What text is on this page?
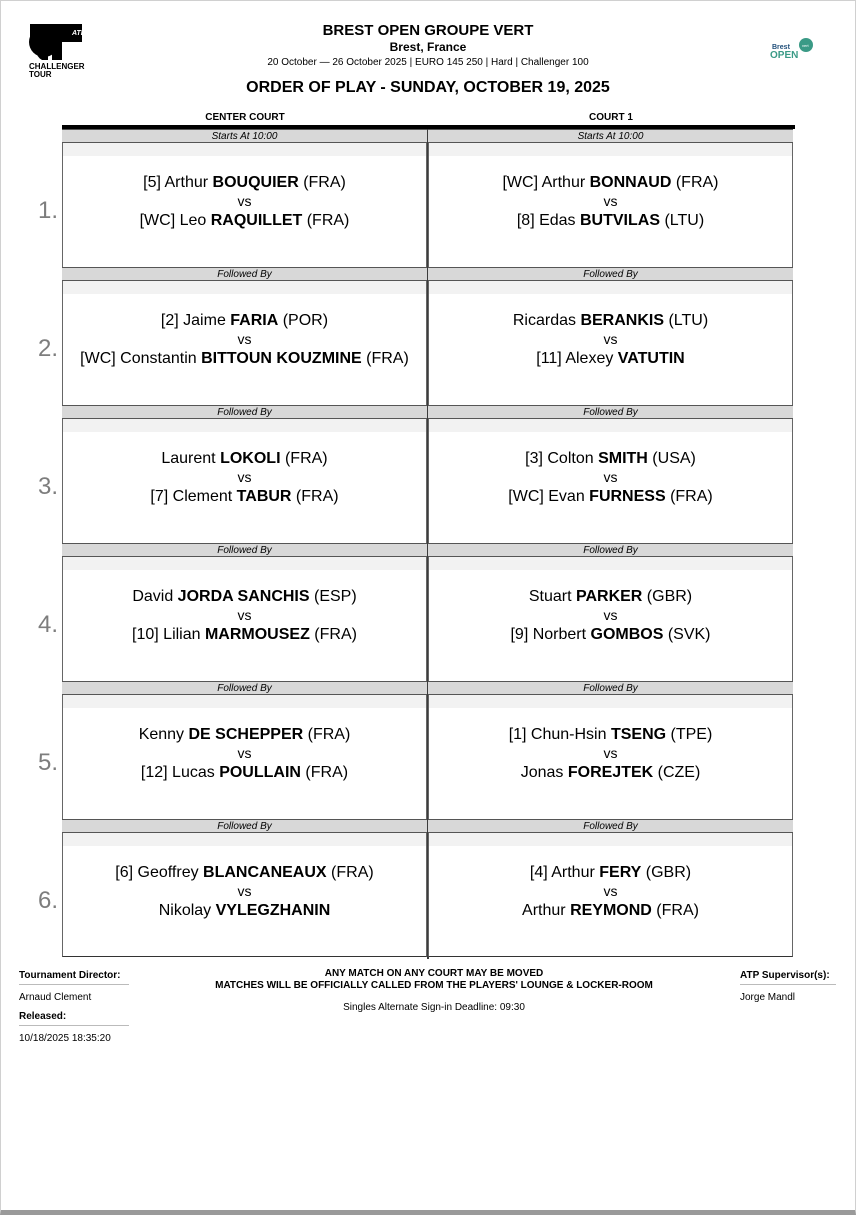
ATP
CHALLENGER
TOUR
Brest	vert
OPEN
BREST OPEN GROUPE VERT
Brest, France
20 October — 26 October 2025 | EURO 145 250 | Hard | Challenger 100
ORDER OF PLAY - SUNDAY, OCTOBER 19, 2025
CENTER COURT	COURT 1
Starts At 10:00
[5] Arthur BOUQUIER (FRA)
vs
[WC] Leo RAQUILLET (FRA)
Followed By
[2] Jaime FARIA (POR)
vs
[WC] Constantin BITTOUN KOUZMINE (FRA)
Followed By
Laurent LOKOLI (FRA)
vs
[7] Clement TABUR (FRA)
Followed By
David JORDA SANCHIS (ESP)
vs
[10] Lilian MARMOUSEZ (FRA)
Followed By
Kenny DE SCHEPPER (FRA)
vs
[12] Lucas POULLAIN (FRA)
Followed By
[6] Geoffrey BLANCANEAUX (FRA)
vs
Nikolay VYLEGZHANIN
Starts At 10:00
[WC] Arthur BONNAUD (FRA)
vs
[8] Edas BUTVILAS (LTU)
Followed By
Ricardas BERANKIS (LTU)
vs
[11] Alexey VATUTIN
Followed By
[3] Colton SMITH (USA)
vs
[WC] Evan FURNESS (FRA)
Followed By
Stuart PARKER (GBR)
vs
[9] Norbert GOMBOS (SVK)
Followed By
[1] Chun-Hsin TSENG (TPE)
vs
Jonas FOREJTEK (CZE)
Followed By
[4] Arthur FERY (GBR)
vs
Arthur REYMOND (FRA)
1.
2.
3.
4.
5.
6.
Tournament Director:
Arnaud Clement
Released:
10/18/2025 18:35:20
ANY MATCH ON ANY COURT MAY BE MOVED
MATCHES WILL BE OFFICIALLY CALLED FROM THE PLAYERS' LOUNGE & LOCKER-ROOM
Singles Alternate Sign-in Deadline: 09:30
ATP Supervisor(s):
Jorge Mandl
